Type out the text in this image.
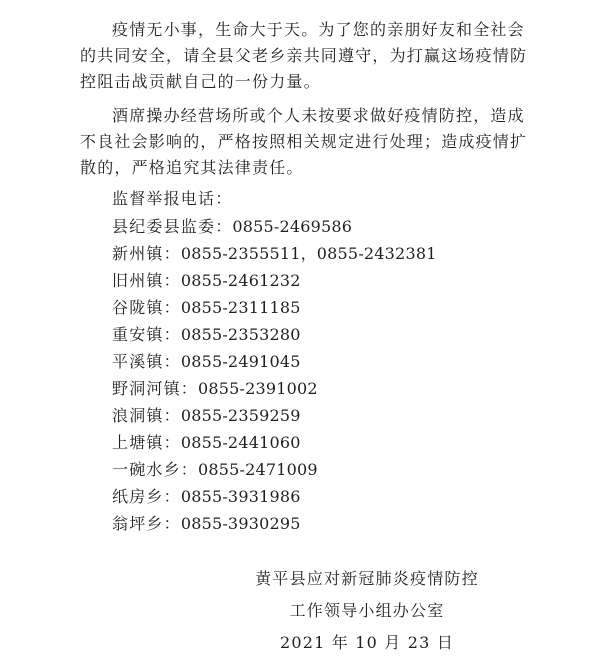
疫情无小事，生命大于天。为了您的亲朋好友和全社会的共同安全，请全县父老乡亲共同遵守，为打赢这场疫情防控阻击战贡献自己的一份力量。

酒席操办经营场所或个人未按要求做好疫情防控，造成不良社会影响的，严格按照相关规定进行处理；造成疫情扩散的，严格追究其法律责任。

监督举报电话：

县纪委县监委：0855-2469586
新州镇：0855-2355511，0855-2432381
旧州镇：0855-2461232
谷陇镇：0855-2311185
重安镇：0855-2353280
平溪镇：0855-2491045
野洞河镇：0855-2391002
浪洞镇：0855-2359259
上塘镇：0855-2441060
一碗水乡：0855-2471009
纸房乡：0855-3931986
翁坪乡：0855-3930295

黄平县应对新冠肺炎疫情防控

工作领导小组办公室

2021 年 10 月 23 日
